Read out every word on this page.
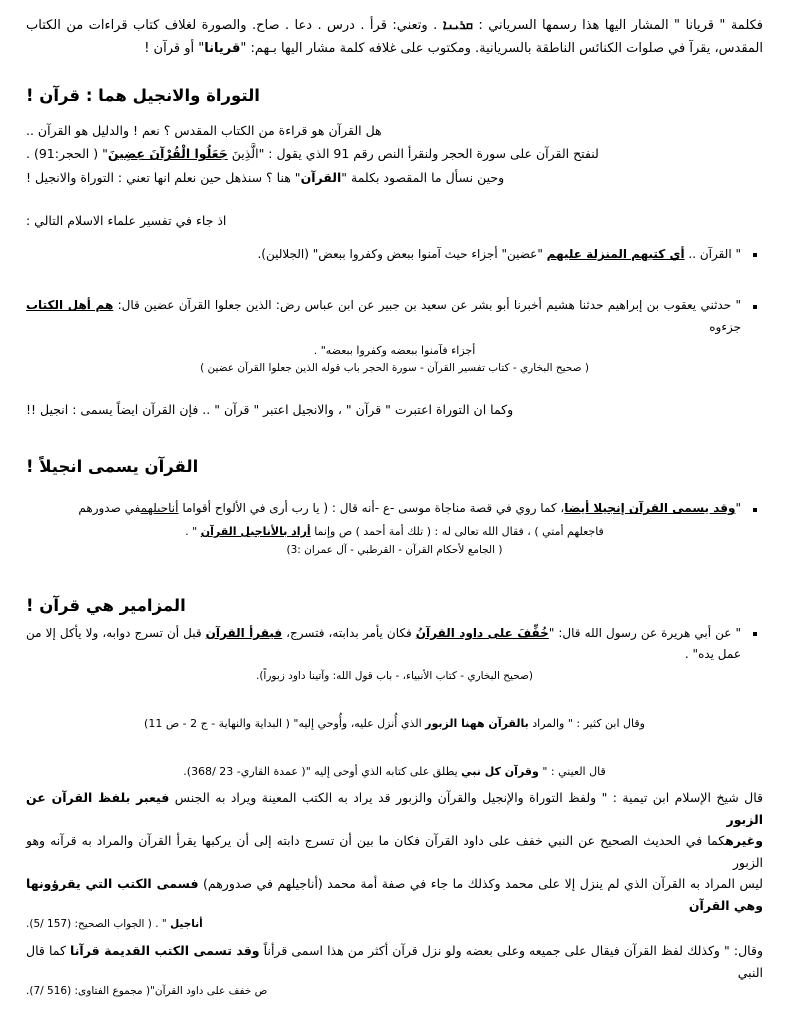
فكلمة " قريانا " المشار اليها هذا رسمها السرياني : ܩܪܝܢܐ . وتعني: قرأ . درس . دعا . صاح. والصورة لغلاف كتاب قراءات من الكتاب المقدس، يقرآ في صلوات الكنائس الناطقة بالسريانية. ومكتوب على غلافه كلمة مشار اليها بـهم: "قريانا" أو قرآن !
التوراة والانجيل هما : قرآن !
هل القرآن هو قراءة من الكتاب المقدس ؟ نعم ! والدليل هو القرآن ..
لنفتح القرآن على سورة الحجر ولنقرأ النص رقم 91 الذي يقول : "الَّذِينَ جَعَلُوا الْقُرْآنَ عِضِينَ" ( الحجر:91) .
وحين نسأل ما المقصود بكلمة "القرآن" هنا ؟ سنذهل حين نعلم انها تعني : التوراة والانجيل !
اذ جاء في تفسير علماء الاسلام التالي :
" القرآن .. أي كتبهم المنزلة عليهم "عضين" أجزاء حيث آمنوا ببعض وكفروا ببعض" (الجلالين).
" حدثني يعقوب بن إبراهيم حدثنا هشيم أخبرنا أبو بشر عن سعيد بن جبير عن ابن عباس رض: الذين جعلوا القرآن عضين قال: هم أهل الكتاب جزءوه
أجزاء فآمنوا ببعضه وكفروا ببعضه" .
( صحيح البخاري - كتاب تفسير القرآن - سورة الحجر باب قوله الذين جعلوا القرآن عضين )
وكما ان التوراة اعتبرت " قرآن " ، والانجيل اعتبر " قرآن " .. فإن القرآن ايضاً يسمى : انجيل !!
القرآن يسمى انجيلاً !
"وقد يسمى القرآن إنجيلا أيضا، كما روي في قصة مناجاة موسى -ع -أنه قال : ( يا رب أرى في الألواح أقواما أناجيلهمفي صدورهم
فاجعلهم أمتي ) ، فقال الله تعالى له : ( تلك أمة أحمد ) ص وإنما أراد بالأناجيل القرآن " .
( الجامع لأحكام القرآن - القرطبي - آل عمران :3)
المزامير هي قرآن !
" عن أبي هريرة عن رسول الله قال: "خُفِّفَ على داود القرآنُ فكان يأمر بدابته، فتسرج، فيقرأ القرآن قبل أن تسرج دوابه، ولا يأكل إلا من عمل يده" .
(صحيح البخاري - كتاب الأنبياء، - باب قول الله: وآتينا داود زبوراً).
وقال ابن كثير : " والمراد بالقرآن ههنا الزبور الذي أُنزل عليه، وأُوحي إليه" ( البداية والنهاية - ج 2 - ص 11)
قال العيني : " وقرآن كل نبي يطلق على كتابه الذي أوحى إليه "( عمدة القاري- 23 /368).
قال شيخ الإسلام ابن تيمية : " ولفظ التوراة والإنجيل والقرآن والزبور قد يراد به الكتب المعينة ويراد به الجنس فيعبر بلفظ القرآن عن الزبور
وغيرهكما في الحديث الصحيح عن النبي خفف على داود القرآن فكان ما بين أن تسرج دابته إلى أن يركبها يقرأ القرآن والمراد به قرآنه وهو الزبور
ليس المراد به القرآن الذي لم ينزل إلا على محمد وكذلك ما جاء في صفة أمة محمد (أناجيلهم في صدورهم) فسمى الكتب التي يقرؤونها وهي القرآن
أناجيل " . ( الجواب الصحيح: (157 /5).
وقال: " وكذلك لفظ القرآن فيقال على جميعه وعلى بعضه ولو نزل قرآن أكثر من هذا اسمى قرأناً وقد تسمى الكتب القديمة قرآنا كما قال النبي
ص خفف على داود القرآن"( مجموع الفتاوى: (516 /7).
